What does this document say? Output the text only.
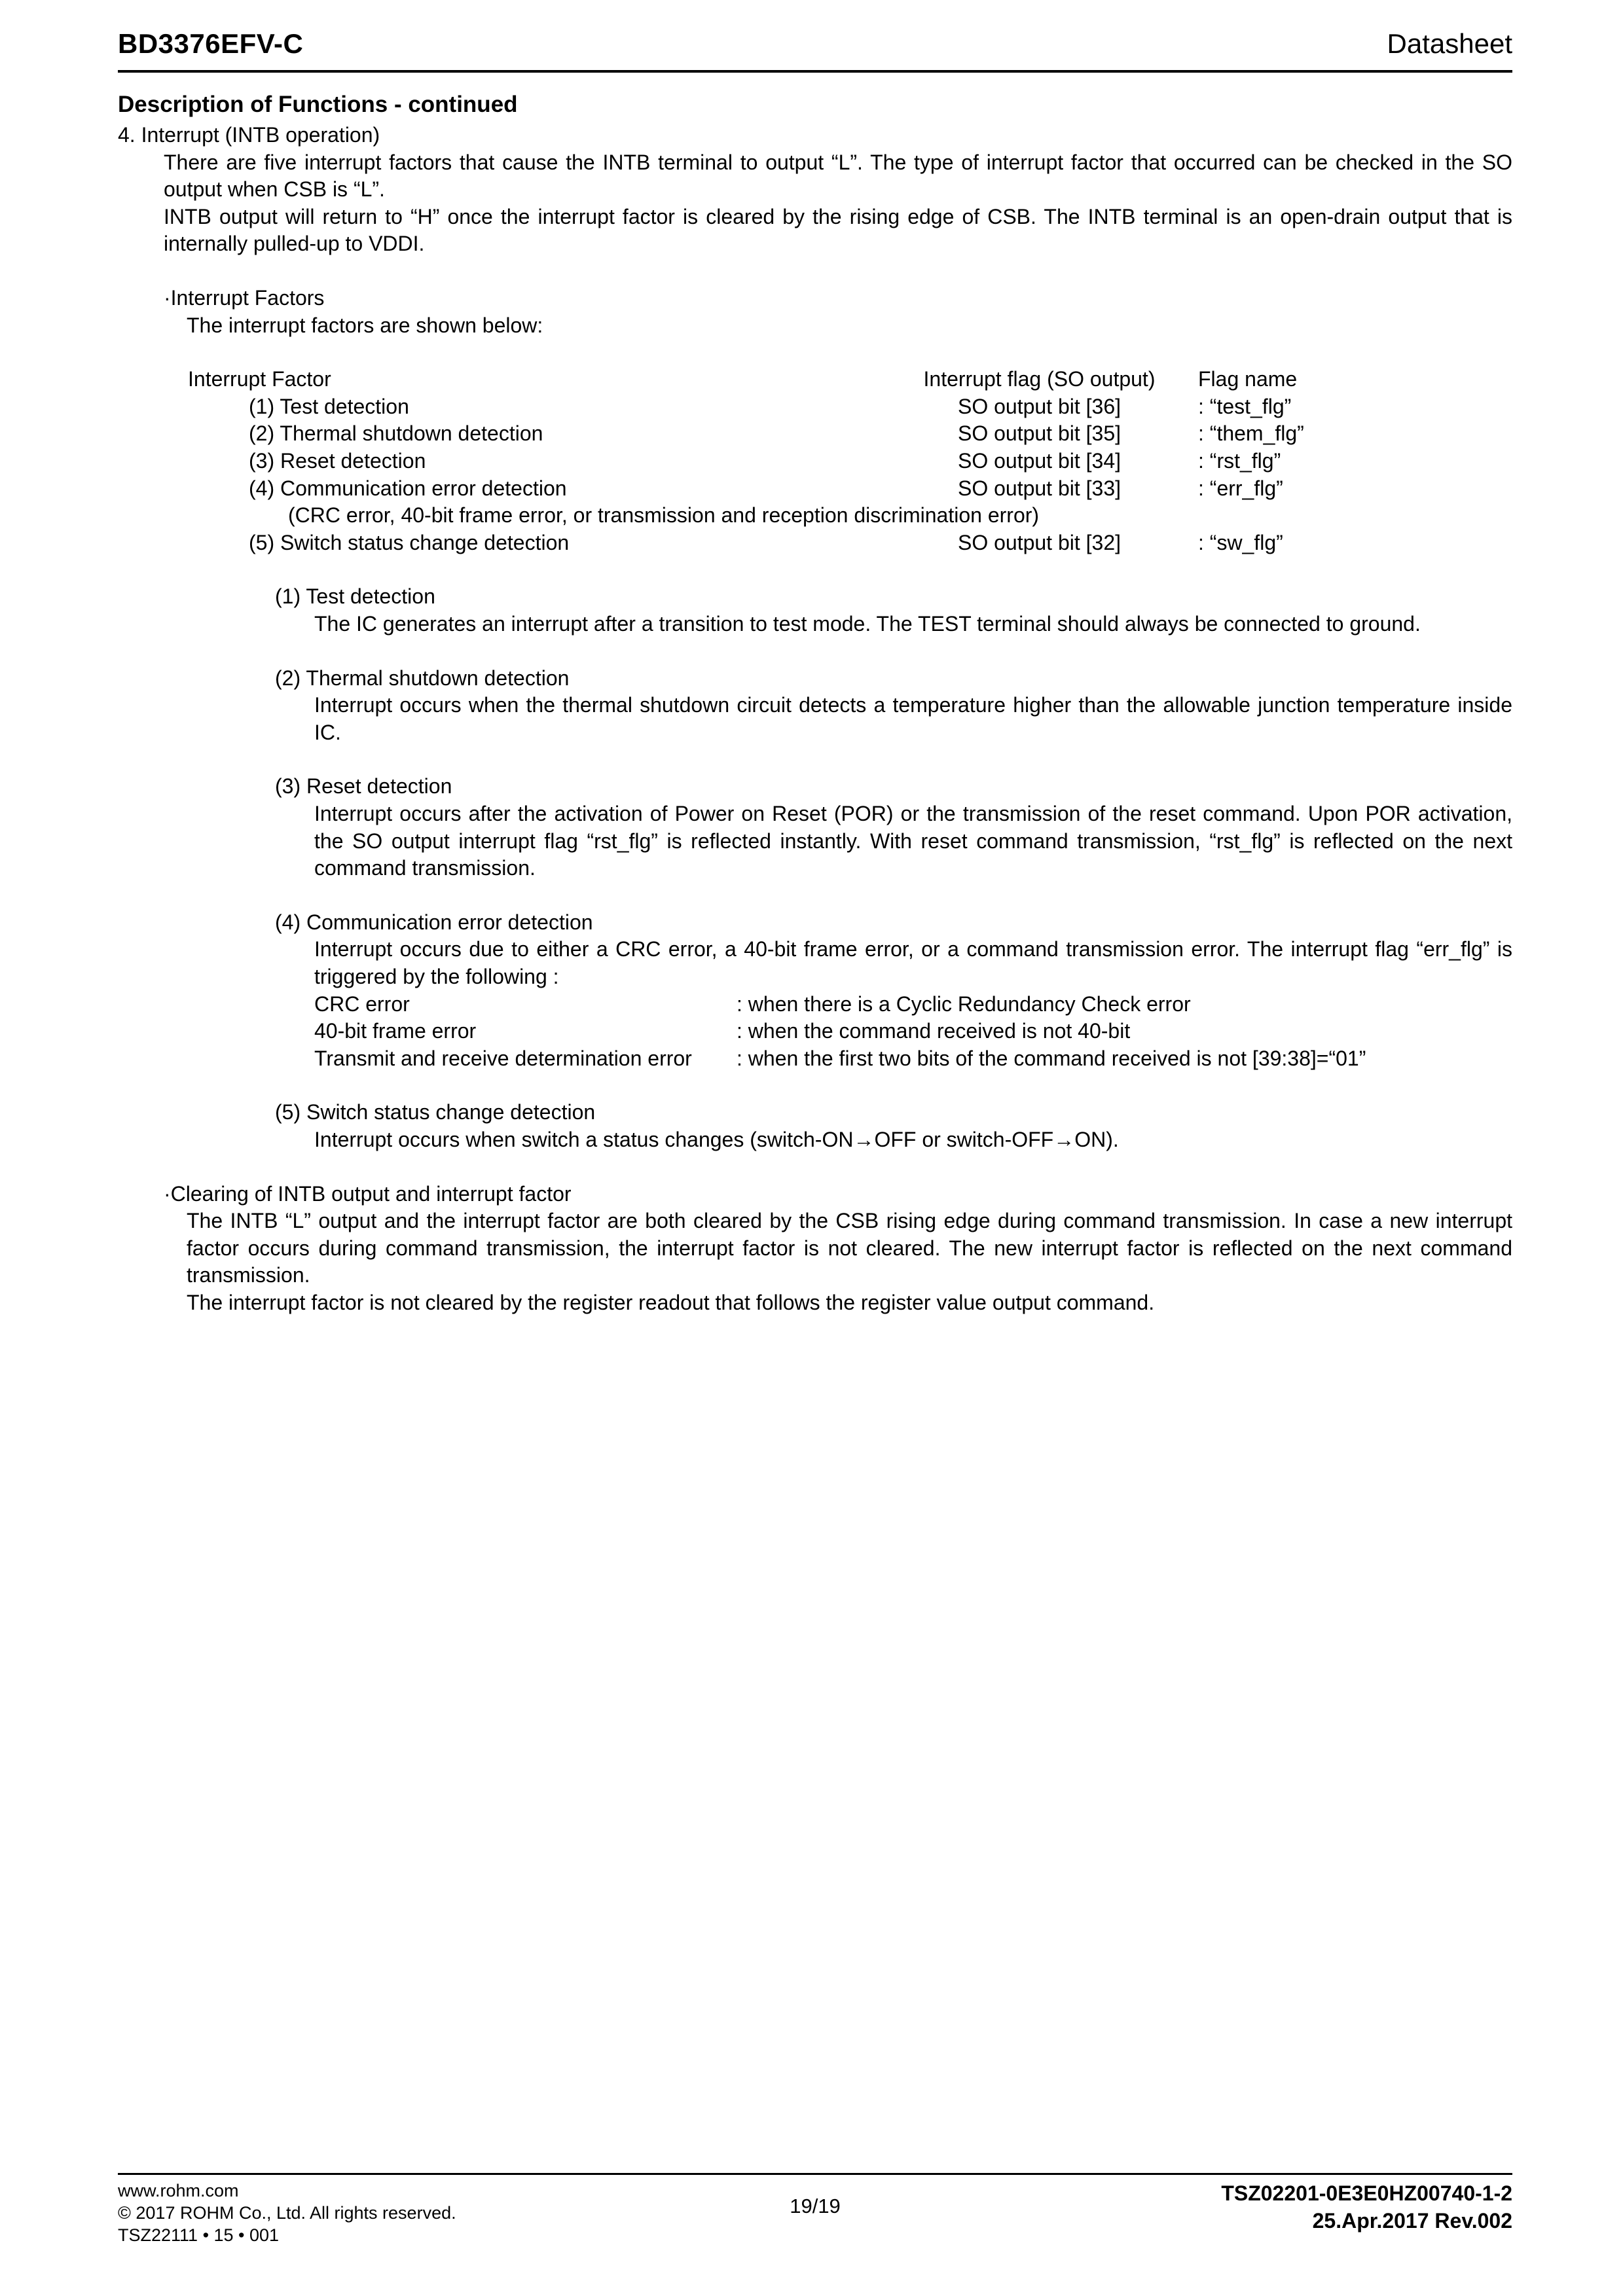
BD3376EFV-C	Datasheet
Description of Functions - continued
4. Interrupt (INTB operation)

There are five interrupt factors that cause the INTB terminal to output “L”. The type of interrupt factor that occurred can be checked in the SO output when CSB is “L”.

INTB output will return to “H” once the interrupt factor is cleared by the rising edge of CSB. The INTB terminal is an open-drain output that is internally pulled-up to VDDI.

·Interrupt Factors
The interrupt factors are shown below:
Interrupt Factor	Interrupt flag (SO output)	Flag name
(1) Test detection	SO output bit [36]	: “test_flg”
(2) Thermal shutdown detection	SO output bit [35]	: “them_flg”
(3) Reset detection	SO output bit [34]	: “rst_flg”
(4) Communication error detection	SO output bit [33]	: “err_flg”
(CRC error, 40-bit frame error, or transmission and reception discrimination error)
(5) Switch status change detection	SO output bit [32]	: “sw_flg”
(1) Test detection

The IC generates an interrupt after a transition to test mode. The TEST terminal should always be connected to ground.

(2) Thermal shutdown detection

Interrupt occurs when the thermal shutdown circuit detects a temperature higher than the allowable junction temperature inside IC.

(3) Reset detection

Interrupt occurs after the activation of Power on Reset (POR) or the transmission of the reset command. Upon POR activation, the SO output interrupt flag “rst_flg” is reflected instantly. With reset command transmission, “rst_flg” is reflected on the next command transmission.

(4) Communication error detection

Interrupt occurs due to either a CRC error, a 40-bit frame error, or a command transmission error. The interrupt flag “err_flg” is triggered by the following :

CRC error	: when there is a Cyclic Redundancy Check error
40-bit frame error	: when the command received is not 40-bit
Transmit and receive determination error	: when the first two bits of the command received is not [39:38]=“01”
(5) Switch status change detection

Interrupt occurs when switch a status changes (switch-ON→OFF or switch-OFF→ON).

·Clearing of INTB output and interrupt factor

The INTB “L” output and the interrupt factor are both cleared by the CSB rising edge during command transmission. In case a new interrupt factor occurs during command transmission, the interrupt factor is not cleared. The new interrupt factor is reflected on the next command transmission.

The interrupt factor is not cleared by the register readout that follows the register value output command.

www.rohm.com
© 2017 ROHM Co., Ltd. All rights reserved.
TSZ22111 • 15 • 001
19/19
TSZ02201-0E3E0HZ00740-1-2
25.Apr.2017 Rev.002
